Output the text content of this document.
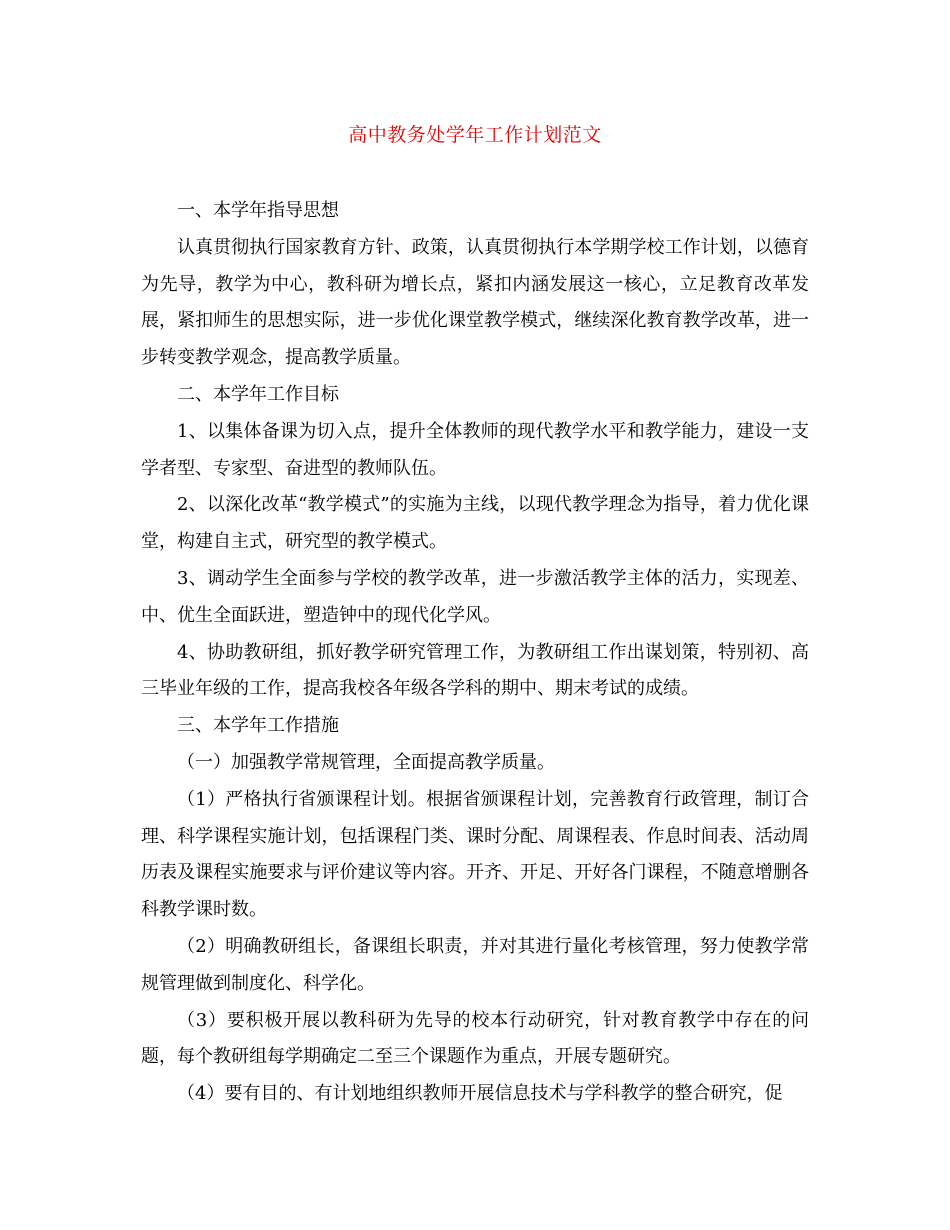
高中教务处学年工作计划范文

一、本学年指导思想

认真贯彻执行国家教育方针、政策，认真贯彻执行本学期学校工作计划，以德育为先导，教学为中心，教科研为增长点，紧扣内涵发展这一核心，立足教育改革发展，紧扣师生的思想实际，进一步优化课堂教学模式，继续深化教育教学改革，进一步转变教学观念，提高教学质量。

二、本学年工作目标

1、以集体备课为切入点，提升全体教师的现代教学水平和教学能力，建设一支学者型、专家型、奋进型的教师队伍。

2、以深化改革“教学模式”的实施为主线，以现代教学理念为指导，着力优化课堂，构建自主式，研究型的教学模式。

3、调动学生全面参与学校的教学改革，进一步激活教学主体的活力，实现差、中、优生全面跃进，塑造钟中的现代化学风。

4、协助教研组，抓好教学研究管理工作，为教研组工作出谋划策，特别初、高三毕业年级的工作，提高我校各年级各学科的期中、期末考试的成绩。

三、本学年工作措施

（一）加强教学常规管理，全面提高教学质量。

（1）严格执行省颁课程计划。根据省颁课程计划，完善教育行政管理，制订合理、科学课程实施计划，包括课程门类、课时分配、周课程表、作息时间表、活动周历表及课程实施要求与评价建议等内容。开齐、开足、开好各门课程，不随意增删各科教学课时数。

（2）明确教研组长，备课组长职责，并对其进行量化考核管理，努力使教学常规管理做到制度化、科学化。

（3）要积极开展以教科研为先导的校本行动研究，针对教育教学中存在的问题，每个教研组每学期确定二至三个课题作为重点，开展专题研究。

（4）要有目的、有计划地组织教师开展信息技术与学科教学的整合研究，促
